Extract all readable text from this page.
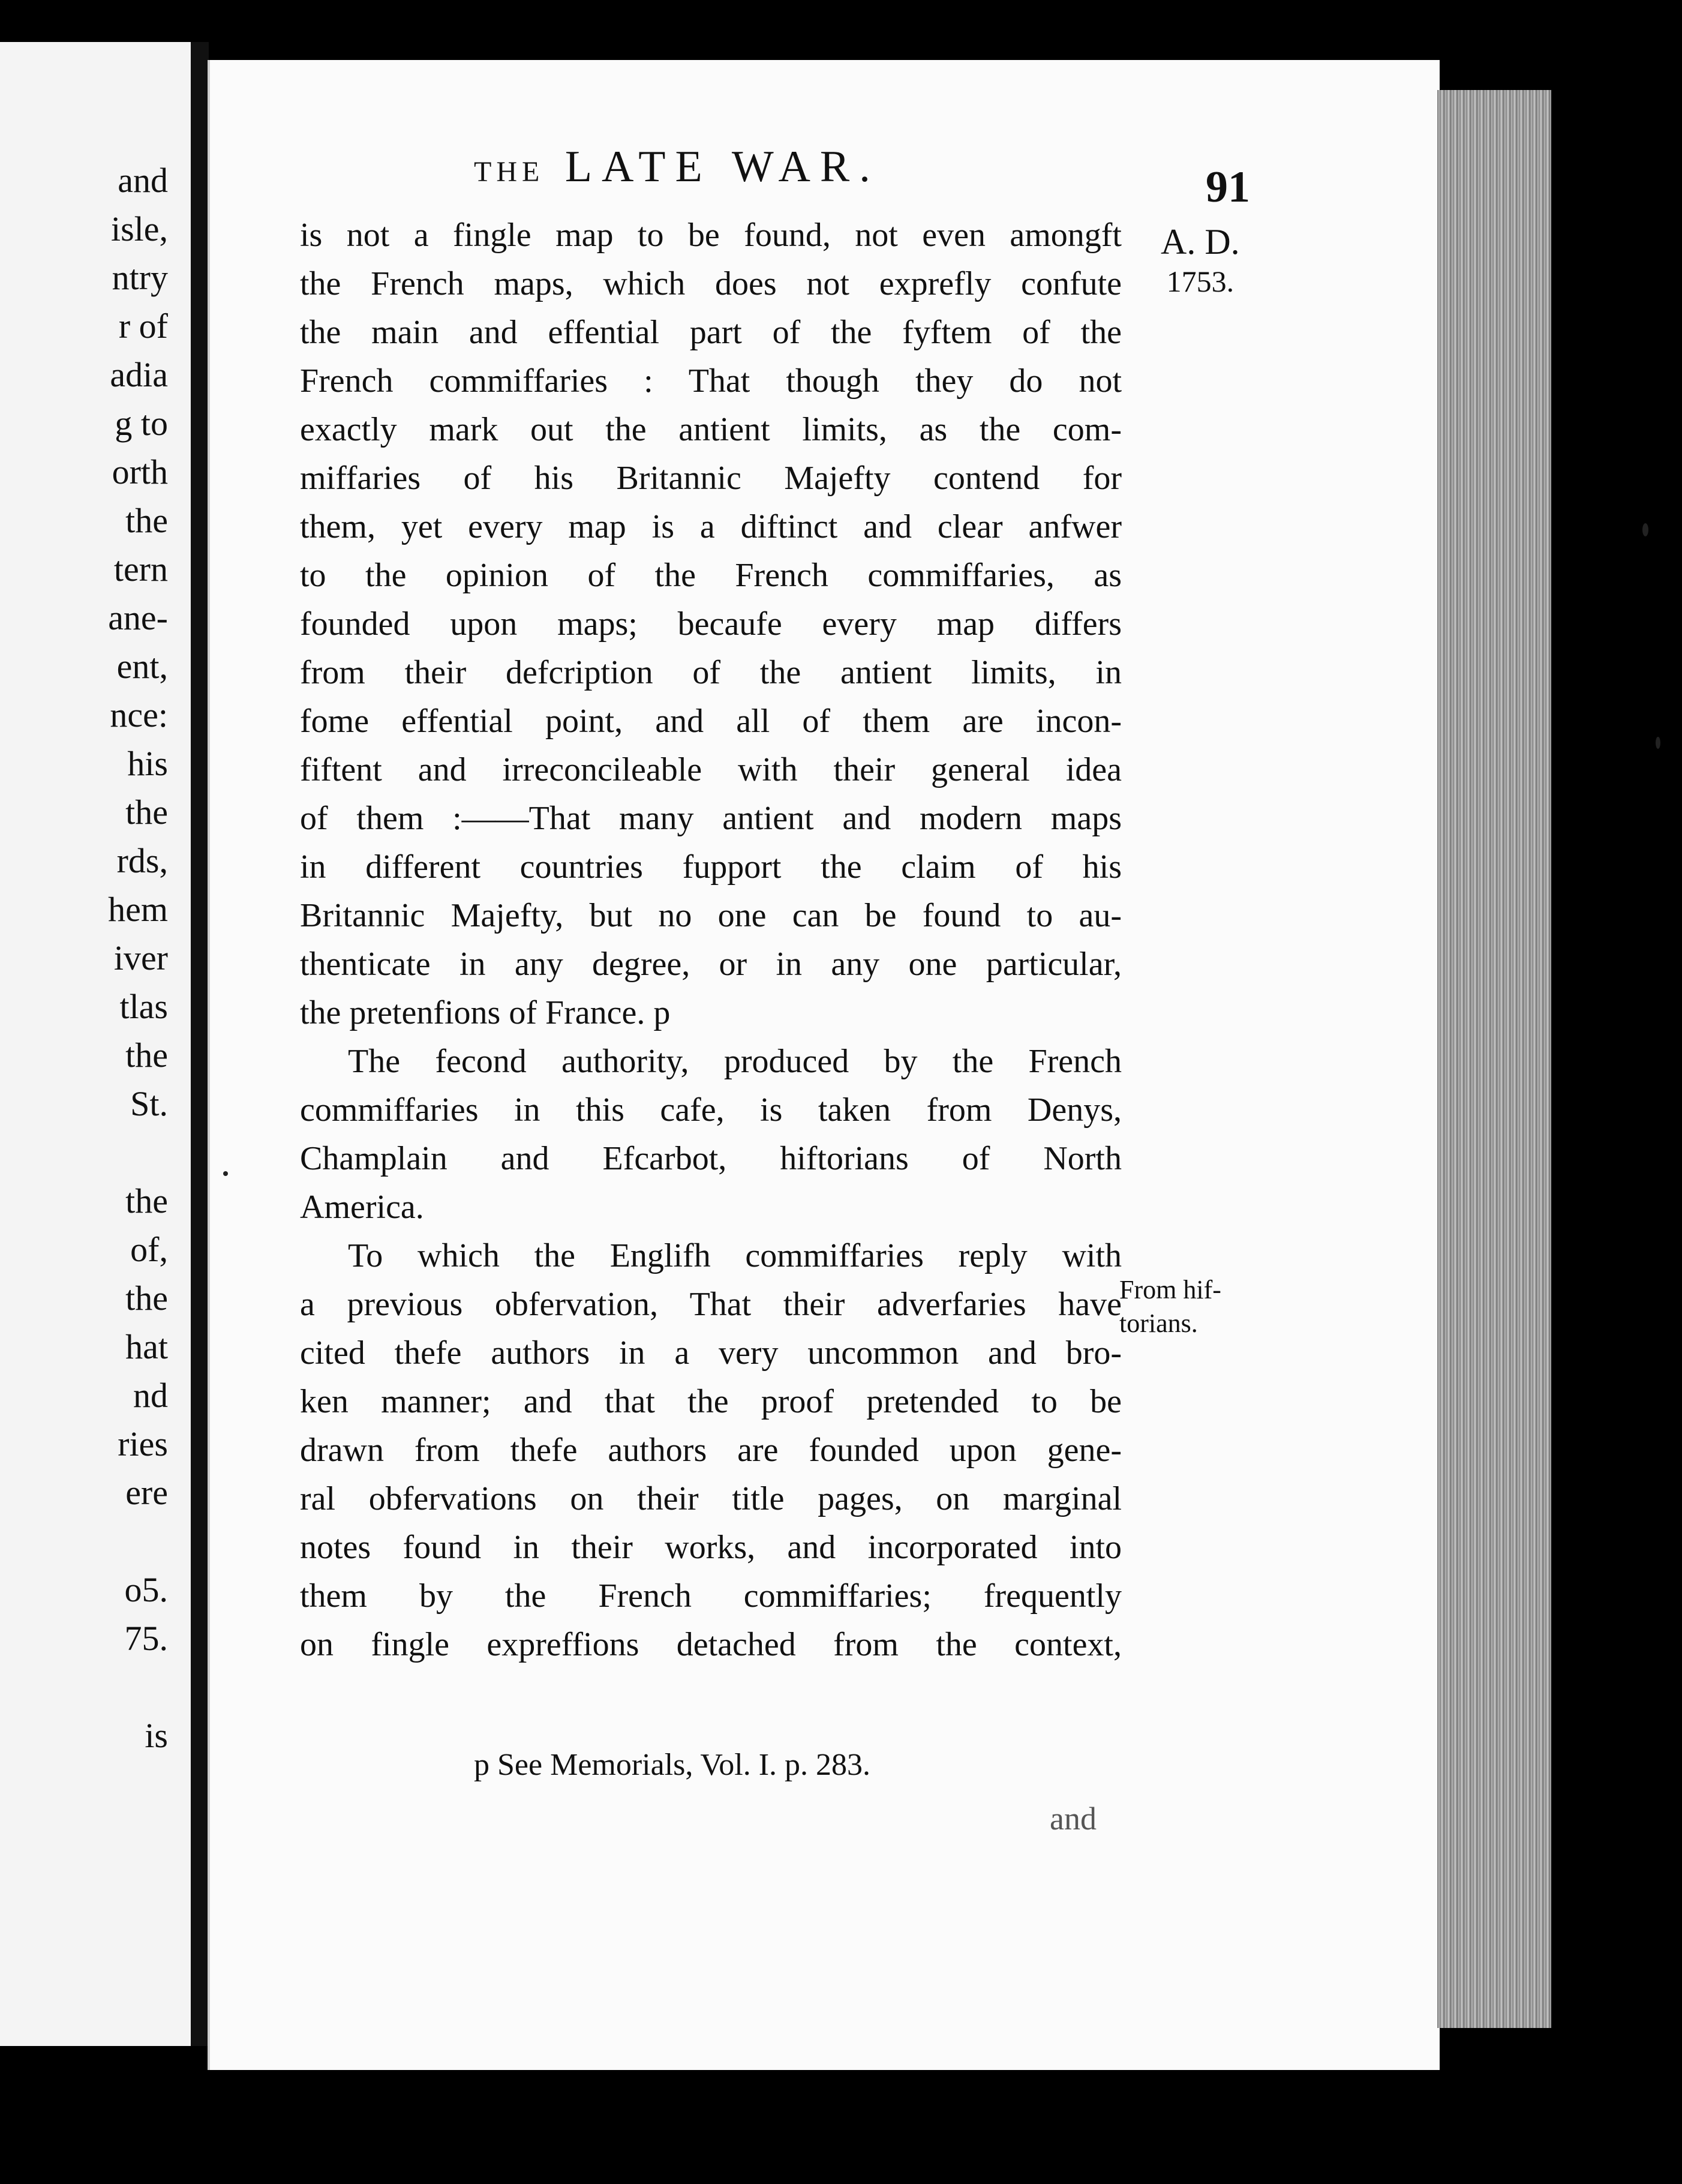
and
isle,
ntry
r of
adia
g to
orth
the
tern
ane-
ent,
nce:
his
the
rds,
hem
iver
tlas
the
St.
the
of,
the
hat
nd
ries
ere
o5.
75.
is
THE LATE WAR.	91
A. D.
1753.
is not a fingle map to be found, not even amongft
the French maps, which does not exprefly confute
the main and effential part of the fyftem of the
French commiffaries : That though they do not
exactly mark out the antient limits, as the com-
miffaries of his Britannic Majefty contend for
them, yet every map is a diftinct and clear anfwer
to the opinion of the French commiffaries, as
founded upon maps; becaufe every map differs
from their defcription of the antient limits, in
fome effential point, and all of them are incon-
fiftent and irreconcileable with their general idea
of them :——That many antient and modern maps
in different countries fupport the claim of his
Britannic Majefty, but no one can be found to au-
thenticate in any degree, or in any one particular,
the pretenfions of France. p
The fecond authority, produced by the French
commiffaries in this cafe, is taken from Denys,
Champlain and Efcarbot, hiftorians of North
America.
To which the Englifh commiffaries reply with
a previous obfervation, That their adverfaries have
cited thefe authors in a very uncommon and bro-
ken manner; and that the proof pretended to be
drawn from thefe authors are founded upon gene-
ral obfervations on their title pages, on marginal
notes found in their works, and incorporated into
them by the French commiffaries; frequently
on fingle expreffions detached from the context,
From hif-
torians.
p See Memorials, Vol. I. p. 283.
and
